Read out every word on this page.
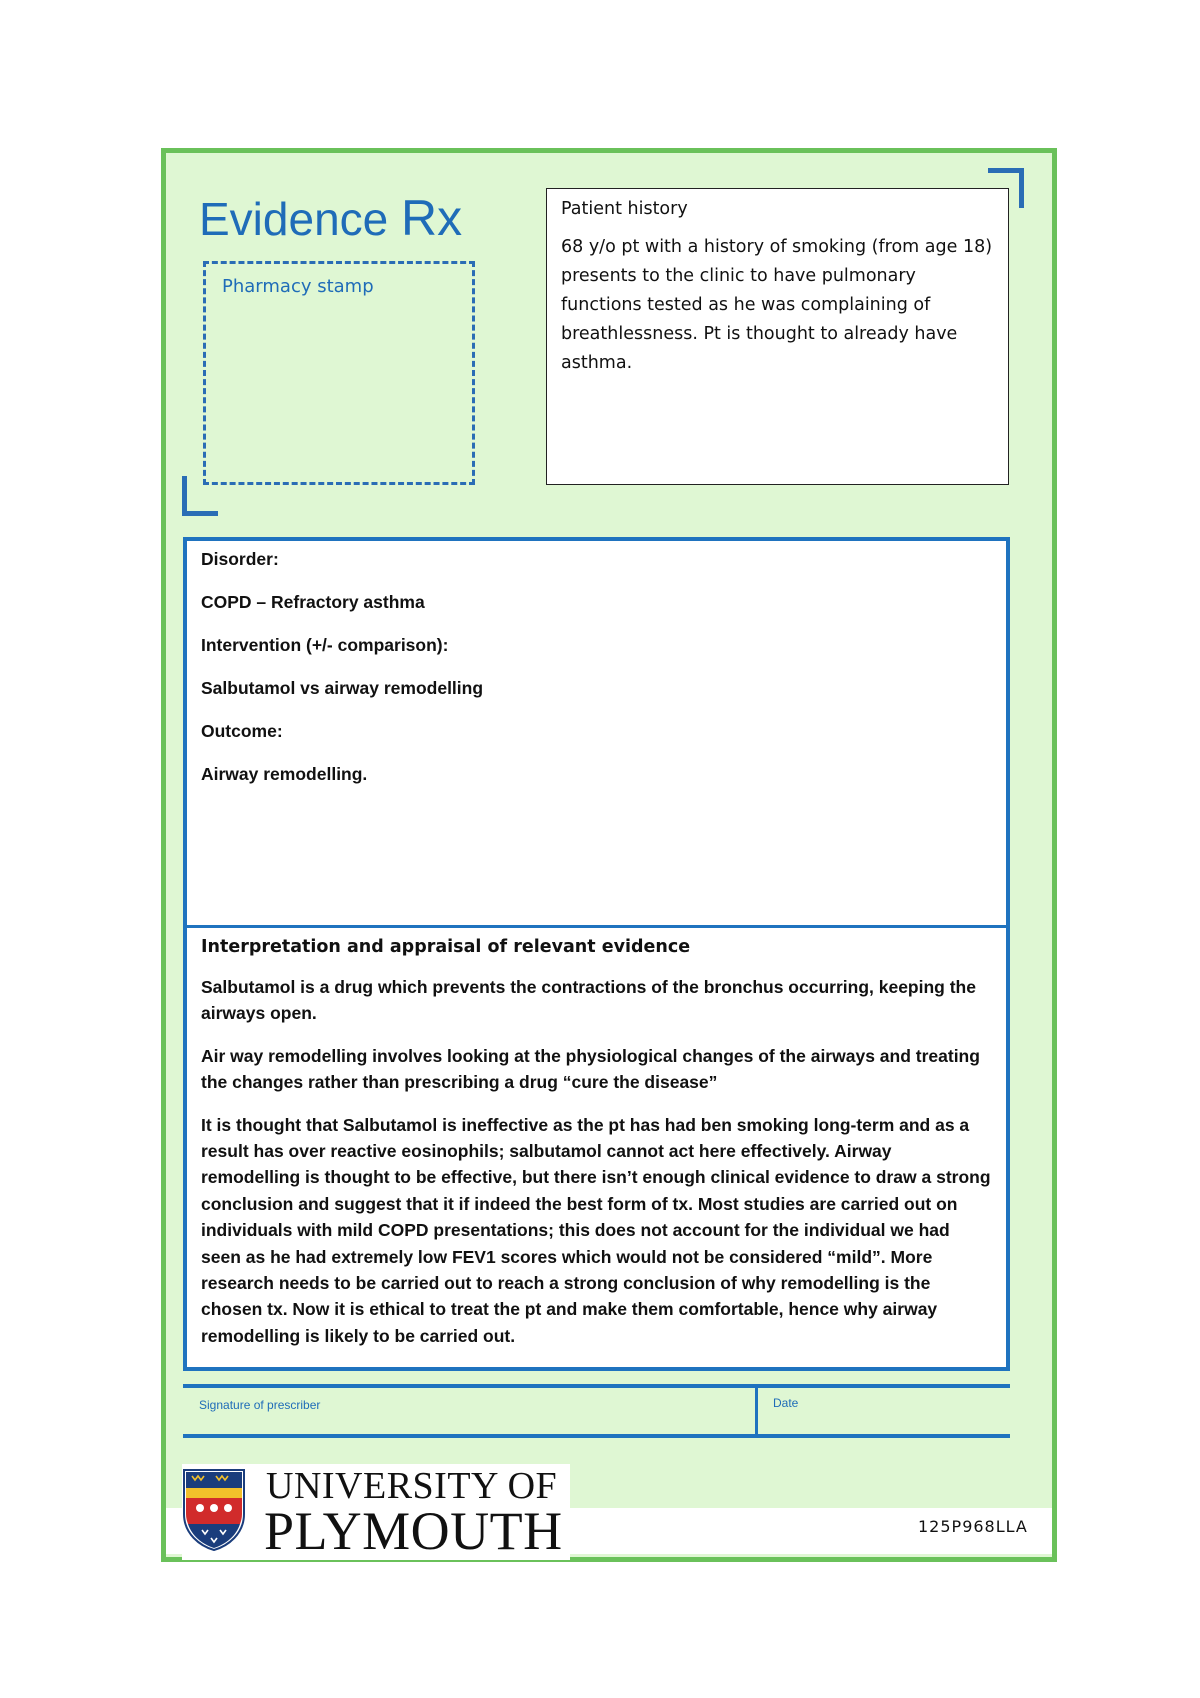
Evidence Rx
Pharmacy stamp

Patient history

68 y/o pt with a history of smoking (from age 18) presents to the clinic to have pulmonary functions tested as he was complaining of breathlessness. Pt is thought to already have asthma.

Disorder:

COPD – Refractory asthma

Intervention (+/- comparison):

Salbutamol vs airway remodelling

Outcome:

Airway remodelling.

Interpretation and appraisal of relevant evidence

Salbutamol is a drug which prevents the contractions of the bronchus occurring, keeping the airways open.

Air way remodelling involves looking at the physiological changes of the airways and treating the changes rather than prescribing a drug “cure the disease”

It is thought that Salbutamol is ineffective as the pt has had ben smoking long-term and as a result has over reactive eosinophils; salbutamol cannot act here effectively. Airway remodelling is thought to be effective, but there isn’t enough clinical evidence to draw a strong conclusion and suggest that it if indeed the best form of tx. Most studies are carried out on individuals with mild COPD presentations; this does not account for the individual we had seen as he had extremely low FEV1 scores which would not be considered “mild”. More research needs to be carried out to reach a strong conclusion of why remodelling is the chosen tx. Now it is ethical to treat the pt and make them comfortable, hence why airway remodelling is likely to be carried out.

Signature of prescriber	Date
UNIVERSITY OF
PLYMOUTH	125P968LLA
